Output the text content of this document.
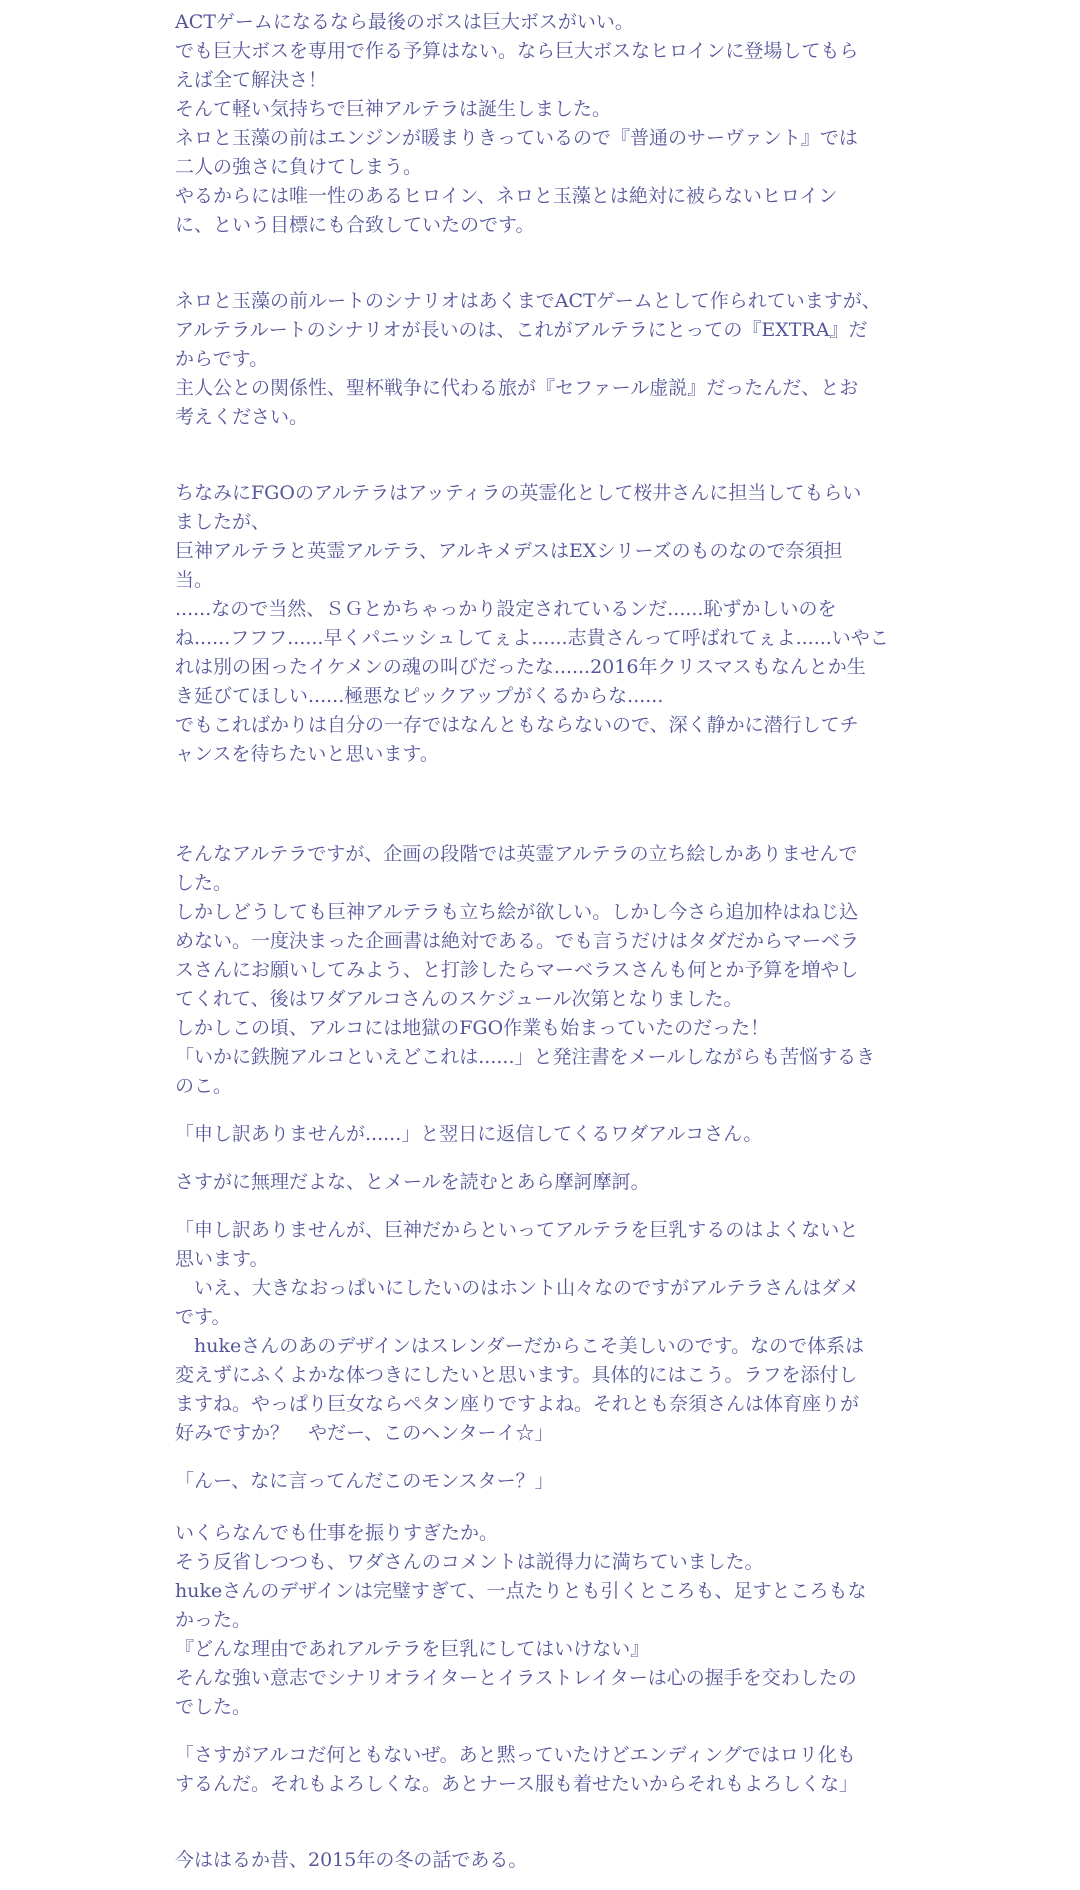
ACTゲームになるなら最後のボスは巨大ボスがいい。
でも巨大ボスを専用で作る予算はない。なら巨大ボスなヒロインに登場してもら
えば全て解決さ！
そんて軽い気持ちで巨神アルテラは誕生しました。
ネロと玉藻の前はエンジンが暖まりきっているので『普通のサーヴァント』では
二人の強さに負けてしまう。
やるからには唯一性のあるヒロイン、ネロと玉藻とは絶対に被らないヒロイン
に、という目標にも合致していたのです。
ネロと玉藻の前ルートのシナリオはあくまでACTゲームとして作られていますが、
アルテラルートのシナリオが長いのは、これがアルテラにとっての『EXTRA』だ
からです。
主人公との関係性、聖杯戦争に代わる旅が『セファール虚説』だったんだ、とお
考えください。
ちなみにFGOのアルテラはアッティラの英霊化として桜井さんに担当してもらい
ましたが、
巨神アルテラと英霊アルテラ、アルキメデスはEXシリーズのものなので奈須担
当。
......なので当然、ＳＧとかちゃっかり設定されているンだ......恥ずかしいのを
ね......フフフ......早くパニッシュしてぇよ......志貴さんって呼ばれてぇよ......いやこ
れは別の困ったイケメンの魂の叫びだったな......2016年クリスマスもなんとか生
き延びてほしい......極悪なピックアップがくるからな......
でもこればかりは自分の一存ではなんともならないので、深く静かに潜行してチ
ャンスを待ちたいと思います。
そんなアルテラですが、企画の段階では英霊アルテラの立ち絵しかありませんで
した。
しかしどうしても巨神アルテラも立ち絵が欲しい。しかし今さら追加枠はねじ込
めない。一度決まった企画書は絶対である。でも言うだけはタダだからマーベラ
スさんにお願いしてみよう、と打診したらマーベラスさんも何とか予算を増やし
てくれて、後はワダアルコさんのスケジュール次第となりました。
しかしこの頃、アルコには地獄のFGO作業も始まっていたのだった！
「いかに鉄腕アルコといえどこれは......」と発注書をメールしながらも苦悩するき
のこ。
「申し訳ありませんが......」と翌日に返信してくるワダアルコさん。
さすがに無理だよな、とメールを読むとあら摩訶摩訶。
「申し訳ありませんが、巨神だからといってアルテラを巨乳するのはよくないと
思います。
　いえ、大きなおっぱいにしたいのはホント山々なのですがアルテラさんはダメ
です。
　hukeさんのあのデザインはスレンダーだからこそ美しいのです。なので体系は
変えずにふくよかな体つきにしたいと思います。具体的にはこう。ラフを添付し
ますね。やっぱり巨女ならペタン座りですよね。それとも奈須さんは体育座りが
好みですか？　やだー、このヘンターイ☆」
「んー、なに言ってんだこのモンスター？」
いくらなんでも仕事を振りすぎたか。
そう反省しつつも、ワダさんのコメントは説得力に満ちていました。
hukeさんのデザインは完璧すぎて、一点たりとも引くところも、足すところもな
かった。
『どんな理由であれアルテラを巨乳にしてはいけない』
そんな強い意志でシナリオライターとイラストレイターは心の握手を交わしたの
でした。
「さすがアルコだ何ともないぜ。あと黙っていたけどエンディングではロリ化も
するんだ。それもよろしくな。あとナース服も着せたいからそれもよろしくな」
今ははるか昔、2015年の冬の話である。
